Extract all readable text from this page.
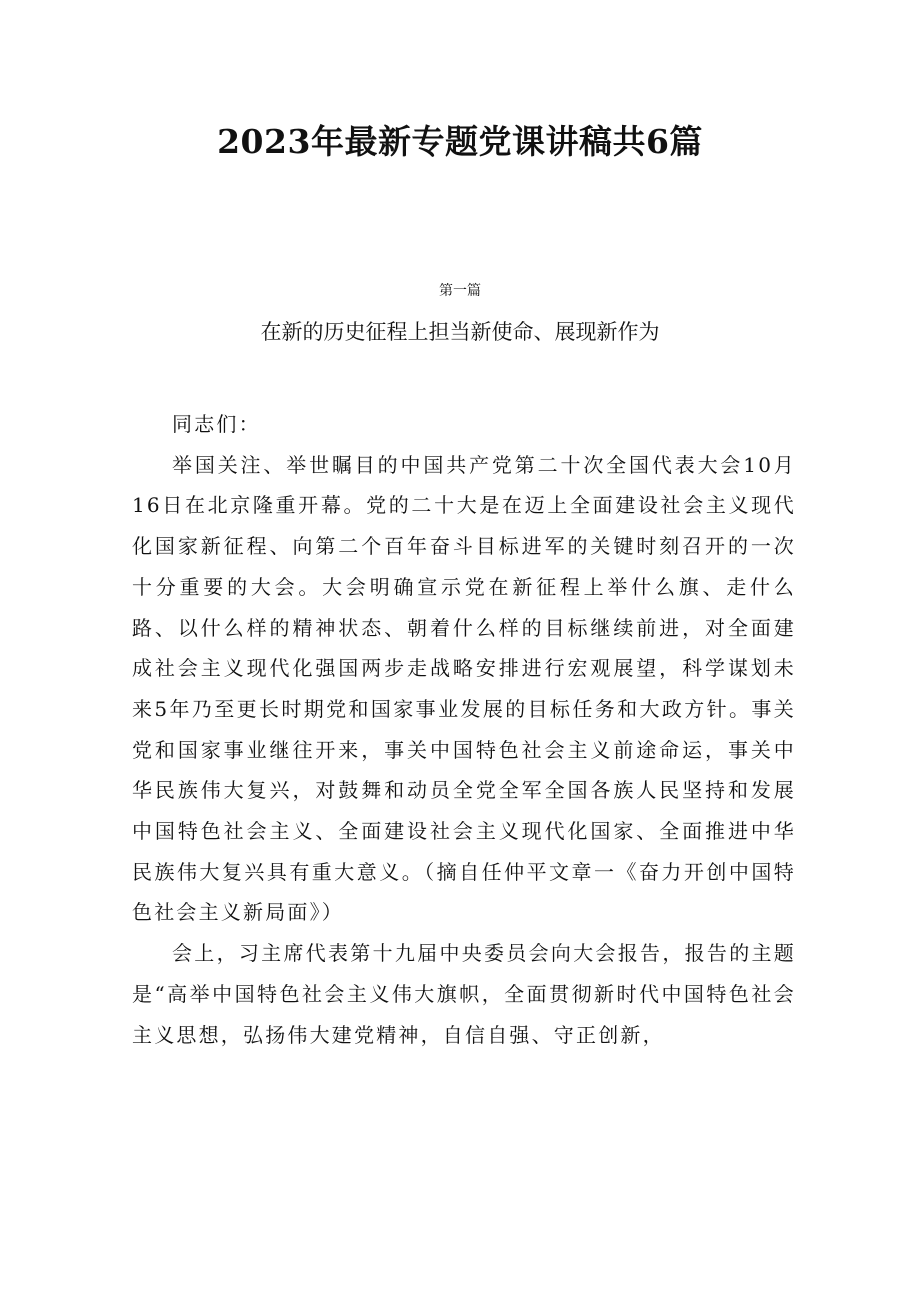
2023年最新专题党课讲稿共6篇
第一篇
在新的历史征程上担当新使命、展现新作为

同志们：

举国关注、举世瞩目的中国共产党第二十次全国代表大会10月16日在北京隆重开幕。党的二十大是在迈上全面建设社会主义现代化国家新征程、向第二个百年奋斗目标进军的关键时刻召开的一次十分重要的大会。大会明确宣示党在新征程上举什么旗、走什么路、以什么样的精神状态、朝着什么样的目标继续前进，对全面建成社会主义现代化强国两步走战略安排进行宏观展望，科学谋划未来5年乃至更长时期党和国家事业发展的目标任务和大政方针。事关党和国家事业继往开来，事关中国特色社会主义前途命运，事关中华民族伟大复兴，对鼓舞和动员全党全军全国各族人民坚持和发展中国特色社会主义、全面建设社会主义现代化国家、全面推进中华民族伟大复兴具有重大意义。（摘自任仲平文章一《奋力开创中国特色社会主义新局面》）

会上，习主席代表第十九届中央委员会向大会报告，报告的主题是“高举中国特色社会主义伟大旗帜，全面贯彻新时代中国特色社会主义思想，弘扬伟大建党精神，自信自强、守正创新，
